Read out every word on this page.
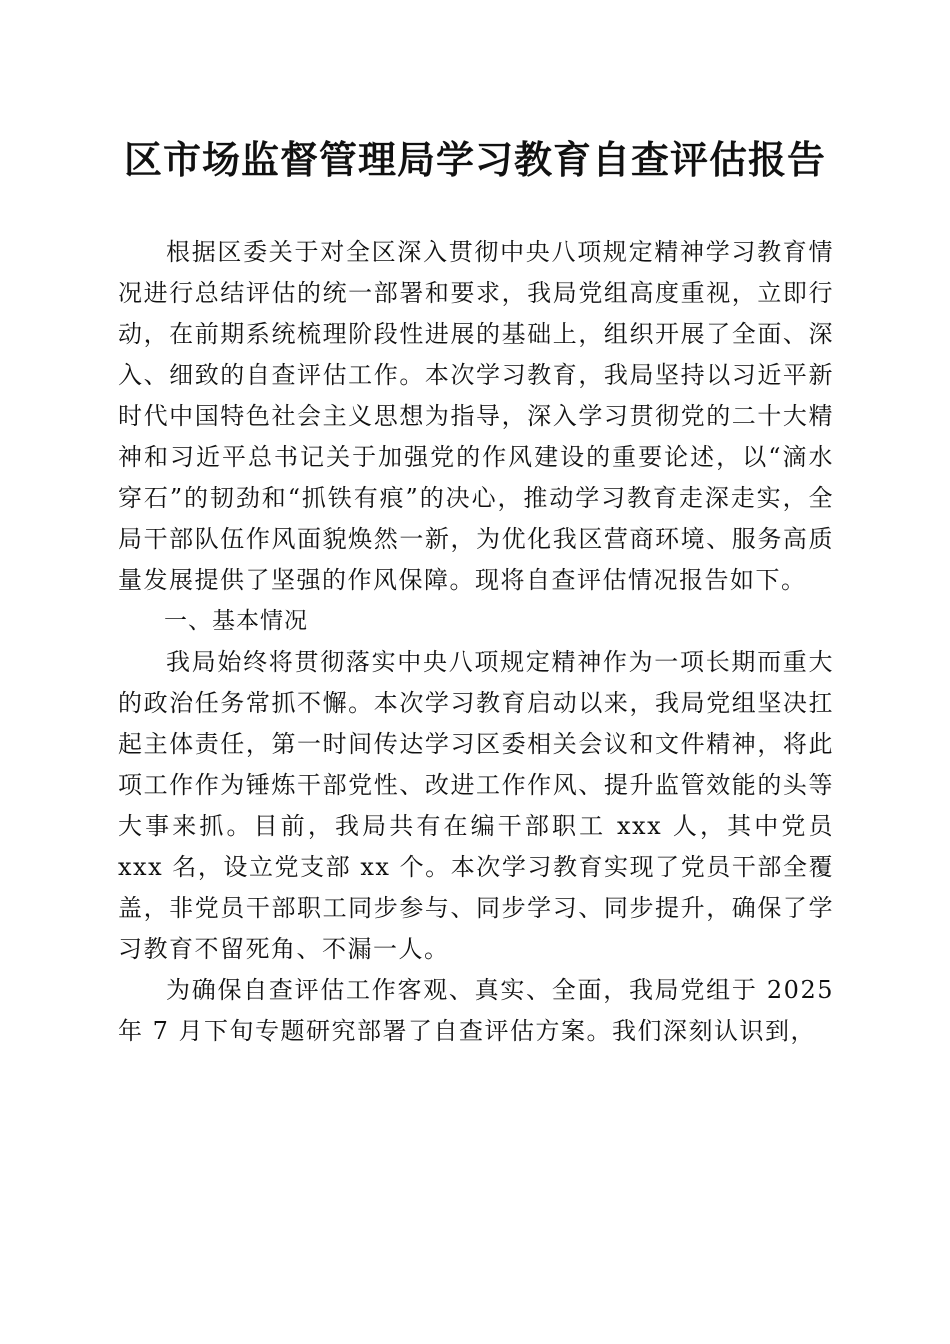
区市场监督管理局学习教育自查评估报告

根据区委关于对全区深入贯彻中央八项规定精神学习教育情况进行总结评估的统一部署和要求，我局党组高度重视，立即行动，在前期系统梳理阶段性进展的基础上，组织开展了全面、深入、细致的自查评估工作。本次学习教育，我局坚持以习近平新时代中国特色社会主义思想为指导，深入学习贯彻党的二十大精神和习近平总书记关于加强党的作风建设的重要论述，以“滴水穿石”的韧劲和“抓铁有痕”的决心，推动学习教育走深走实，全局干部队伍作风面貌焕然一新，为优化我区营商环境、服务高质量发展提供了坚强的作风保障。现将自查评估情况报告如下。

一、基本情况

我局始终将贯彻落实中央八项规定精神作为一项长期而重大的政治任务常抓不懈。本次学习教育启动以来，我局党组坚决扛起主体责任，第一时间传达学习区委相关会议和文件精神，将此项工作作为锤炼干部党性、改进工作作风、提升监管效能的头等大事来抓。目前，我局共有在编干部职工 xxx 人，其中党员 xxx 名，设立党支部 xx 个。本次学习教育实现了党员干部全覆盖，非党员干部职工同步参与、同步学习、同步提升，确保了学习教育不留死角、不漏一人。

为确保自查评估工作客观、真实、全面，我局党组于 2025 年 7 月下旬专题研究部署了自查评估方案。我们深刻认识到，
